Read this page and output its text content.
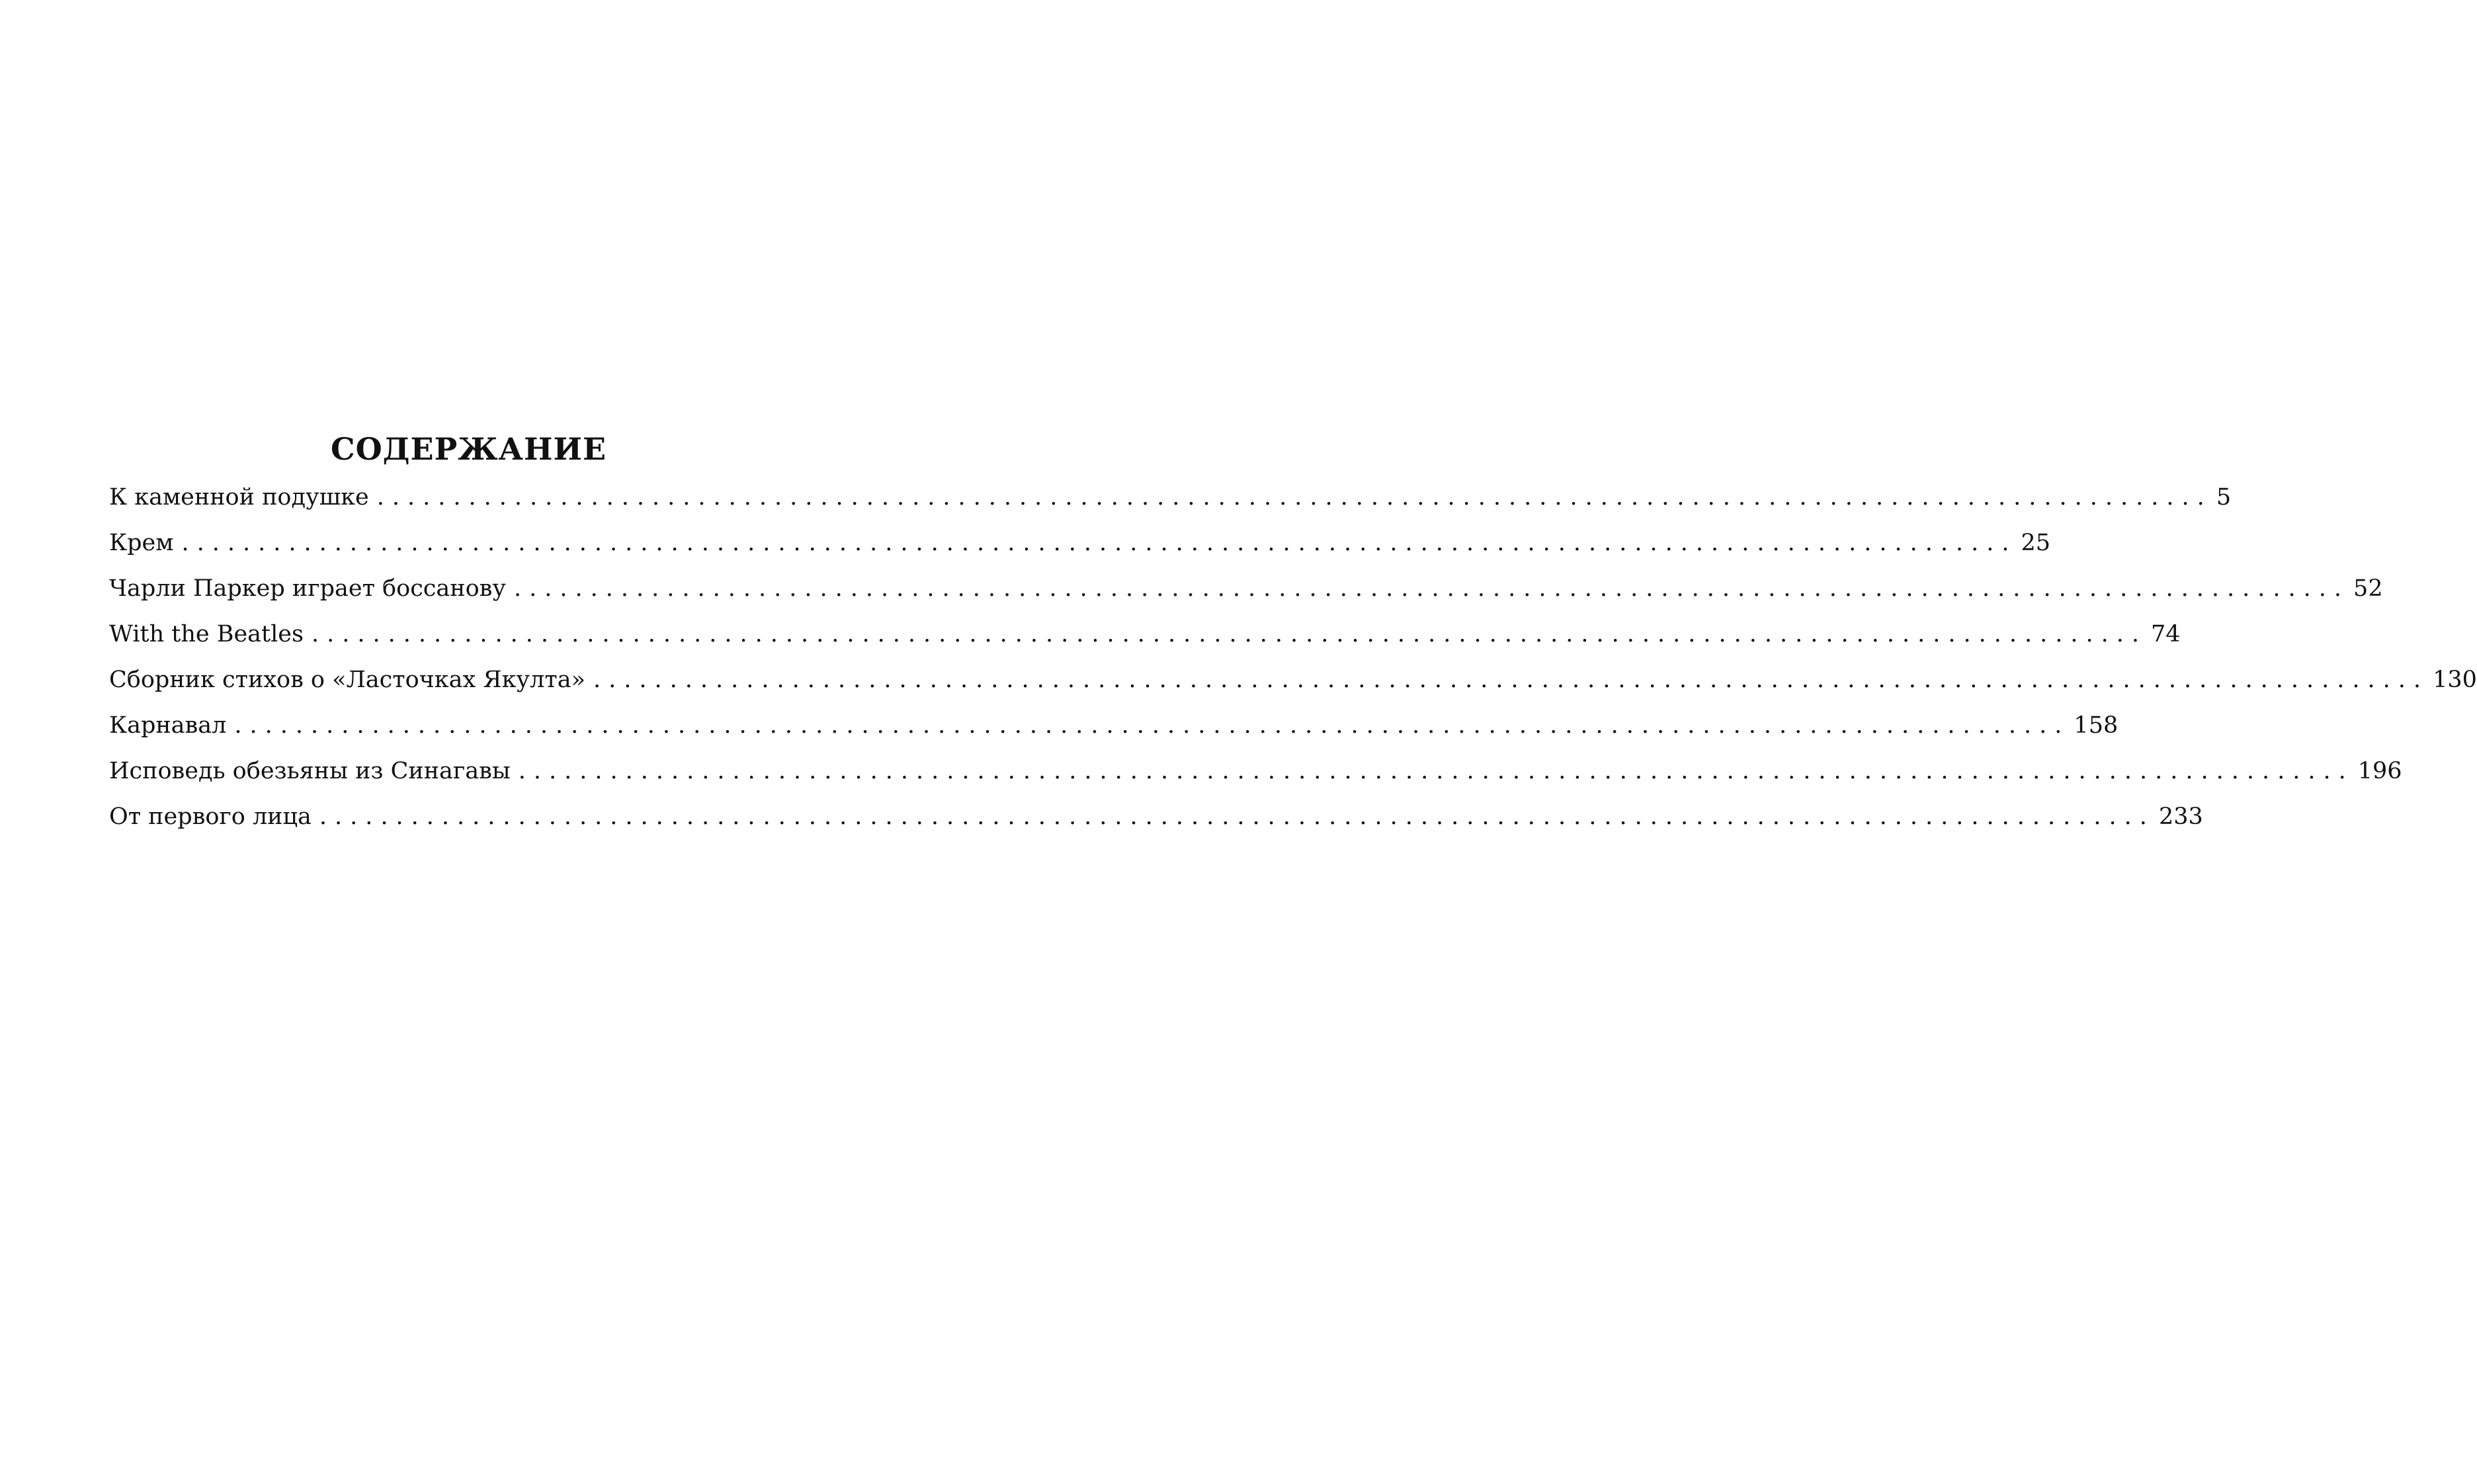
СОДЕРЖАНИЕ
К каменной подушке ........................................................................................................................ 5
Крем ........................................................................................................................ 25
Чарли Паркер играет боссанову ........................................................................................................................ 52
With the Beatles ........................................................................................................................ 74
Сборник стихов о «Ласточках Якулта» ........................................................................................................................ 130
Карнавал ........................................................................................................................ 158
Исповедь обезьяны из Синагавы ........................................................................................................................ 196
От первого лица ........................................................................................................................ 233
